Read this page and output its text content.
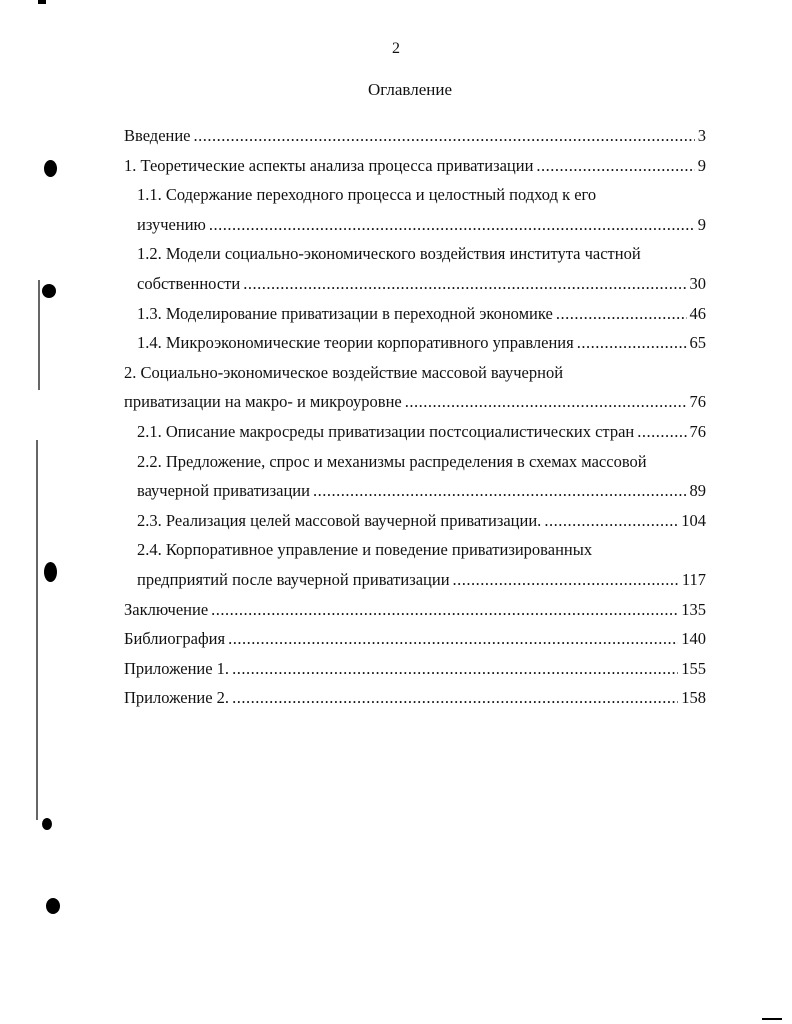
2
Оглавление
Введение .....	3
1. Теоретические аспекты анализа процесса приватизации .....	9
1.1. Содержание переходного процесса и целостный подход к его
изучению .....	9
1.2. Модели социально-экономического воздействия института частной
собственности .....	30
1.3. Моделирование приватизации в переходной экономике .....	46
1.4. Микроэкономические теории корпоративного управления .....	65
2. Социально-экономическое воздействие массовой ваучерной
приватизации на макро- и микроуровне .....	76
2.1. Описание макросреды приватизации постсоциалистических стран .....	76
2.2. Предложение, спрос и механизмы распределения в схемах массовой
ваучерной приватизации .....	89
2.3. Реализация целей массовой ваучерной приватизации. .....	104
2.4. Корпоративное управление и поведение приватизированных
предприятий после ваучерной приватизации .....	117
Заключение .....	135
Библиография .....	140
Приложение 1. .....	155
Приложение 2. .....	158
